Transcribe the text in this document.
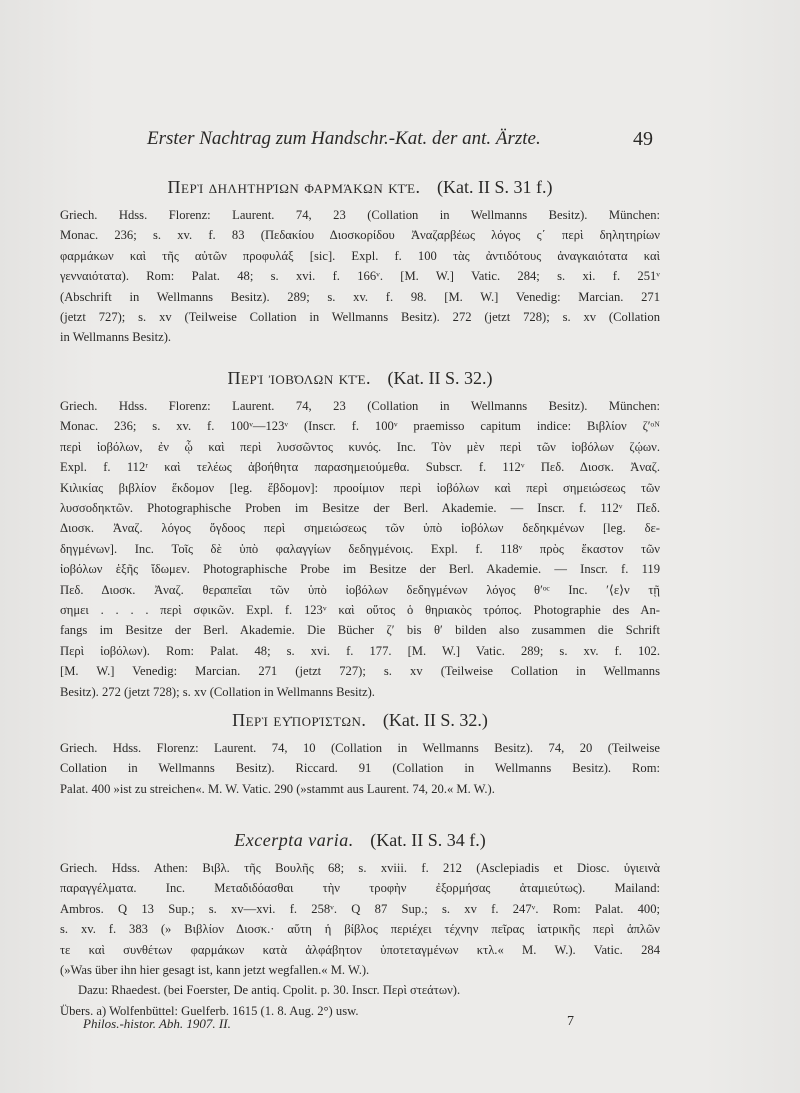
Erster Nachtrag zum Handschr.-Kat. der ant. Ärzte.	49
Περὶ δηλητηρίων φαρμάκων κτέ. (Kat. II S. 31 f.)
Griech. Hdss. Florenz: Laurent. 74, 23 (Collation in Wellmanns Besitz). München:
Monac. 236; s. xv. f. 83 (Πεδακίου Διοσκορίδου Ἀναζαρβέως λόγος ς΄ περὶ δηλητηρίων
φαρμάκων καὶ τῆς αὐτῶν προφυλάξ [sic]. Expl. f. 100 τὰς ἀντιδότους ἀναγκαιότατα καὶ
γενναιότατα). Rom: Palat. 48; s. xvi. f. 166ᵛ. [M. W.] Vatic. 284; s. xi. f. 251ᵛ
(Abschrift in Wellmanns Besitz). 289; s. xv. f. 98. [M. W.] Venedig: Marcian. 271
(jetzt 727); s. xv (Teilweise Collation in Wellmanns Besitz). 272 (jetzt 728); s. xv (Collation
in Wellmanns Besitz).
Περὶ ἰοβόλων κτέ. (Kat. II S. 32.)
Griech. Hdss. Florenz: Laurent. 74, 23 (Collation in Wellmanns Besitz). München:
Monac. 236; s. xv. f. 100ᵛ—123ᵛ (Inscr. f. 100ᵛ praemisso capitum indice: Βιβλίον ζ′ᵒᴺ
περὶ ἰοβόλων, ἐν ᾧ καὶ περὶ λυσσῶντος κυνός. Inc. Τὸν μὲν περὶ τῶν ἰοβόλων ζῴων.
Expl. f. 112ʳ καὶ τελέως ἀβοήθητα παρασημειούμεθα. Subscr. f. 112ᵛ Πεδ. Διοσκ. Ἀναζ.
Κιλικίας βιβλίον ἕκδομον [leg. ἕβδομον]: προοίμιον περὶ ἰοβόλων καὶ περὶ σημειώσεως τῶν
λυσσοδηκτῶν. Photographische Proben im Besitze der Berl. Akademie. — Inscr. f. 112ᵛ Πεδ.
Διοσκ. Ἀναζ. λόγος ὄγδοος περὶ σημειώσεως τῶν ὑπὸ ἰοβόλων δεδηκμένων [leg. δε-
δηγμένων]. Inc. Τοῖς δὲ ὑπὸ φαλαγγίων δεδηγμένοις. Expl. f. 118ᵛ πρὸς ἕκαστον τῶν
ἰοβόλων ἑξῆς ἴδωμεν. Photographische Probe im Besitze der Berl. Akademie. — Inscr. f. 119
Πεδ. Διοσκ. Ἀναζ. θεραπεῖαι τῶν ὑπὸ ἰοβόλων δεδηγμένων λόγος θ′ᵒᶜ Inc. ′⟨ε⟩ν τῇ
σημει . . . . περὶ σφικῶν. Expl. f. 123ᵛ καὶ οὕτος ὁ θηριακὸς τρόπος. Photographie des An-
fangs im Besitze der Berl. Akademie. Die Bücher ζ′ bis θ′ bilden also zusammen die Schrift
Περὶ ἰοβόλων). Rom: Palat. 48; s. xvi. f. 177. [M. W.] Vatic. 289; s. xv. f. 102.
[M. W.] Venedig: Marcian. 271 (jetzt 727); s. xv (Teilweise Collation in Wellmanns
Besitz). 272 (jetzt 728); s. xv (Collation in Wellmanns Besitz).
Περὶ εὐπορίστων. (Kat. II S. 32.)
Griech. Hdss. Florenz: Laurent. 74, 10 (Collation in Wellmanns Besitz). 74, 20 (Teilweise
Collation in Wellmanns Besitz). Riccard. 91 (Collation in Wellmanns Besitz). Rom:
Palat. 400 »ist zu streichen«. M. W. Vatic. 290 (»stammt aus Laurent. 74, 20.« M. W.).
Excerpta varia. (Kat. II S. 34 f.)
Griech. Hdss. Athen: Βιβλ. τῆς Βουλῆς 68; s. xviii. f. 212 (Asclepiadis et Diosc. ὑγιεινὰ
παραγγέλματα. Inc. Μεταδιδόασθαι τὴν τροφὴν ἐξορμήσας ἀταμιεύτως). Mailand:
Ambros. Q 13 Sup.; s. xv—xvi. f. 258ᵛ. Q 87 Sup.; s. xv f. 247ᵛ. Rom: Palat. 400;
s. xv. f. 383 (» Βιβλίον Διοσκ.· αὕτη ἡ βίβλος περιέχει τέχνην πεῖρας ἰατρικῆς περὶ ἁπλῶν
τε καὶ συνθέτων φαρμάκων κατὰ ἀλφάβητον ὑποτεταγμένων κτλ.« M. W.). Vatic. 284
(»Was über ihn hier gesagt ist, kann jetzt wegfallen.« M. W.).
Dazu: Rhaedest. (bei Foerster, De antiq. Cpolit. p. 30. Inscr. Περὶ στεάτων).
Übers. a) Wolfenbüttel: Guelferb. 1615 (1. 8. Aug. 2°) usw.
Philos.-histor. Abh. 1907. II.	7
